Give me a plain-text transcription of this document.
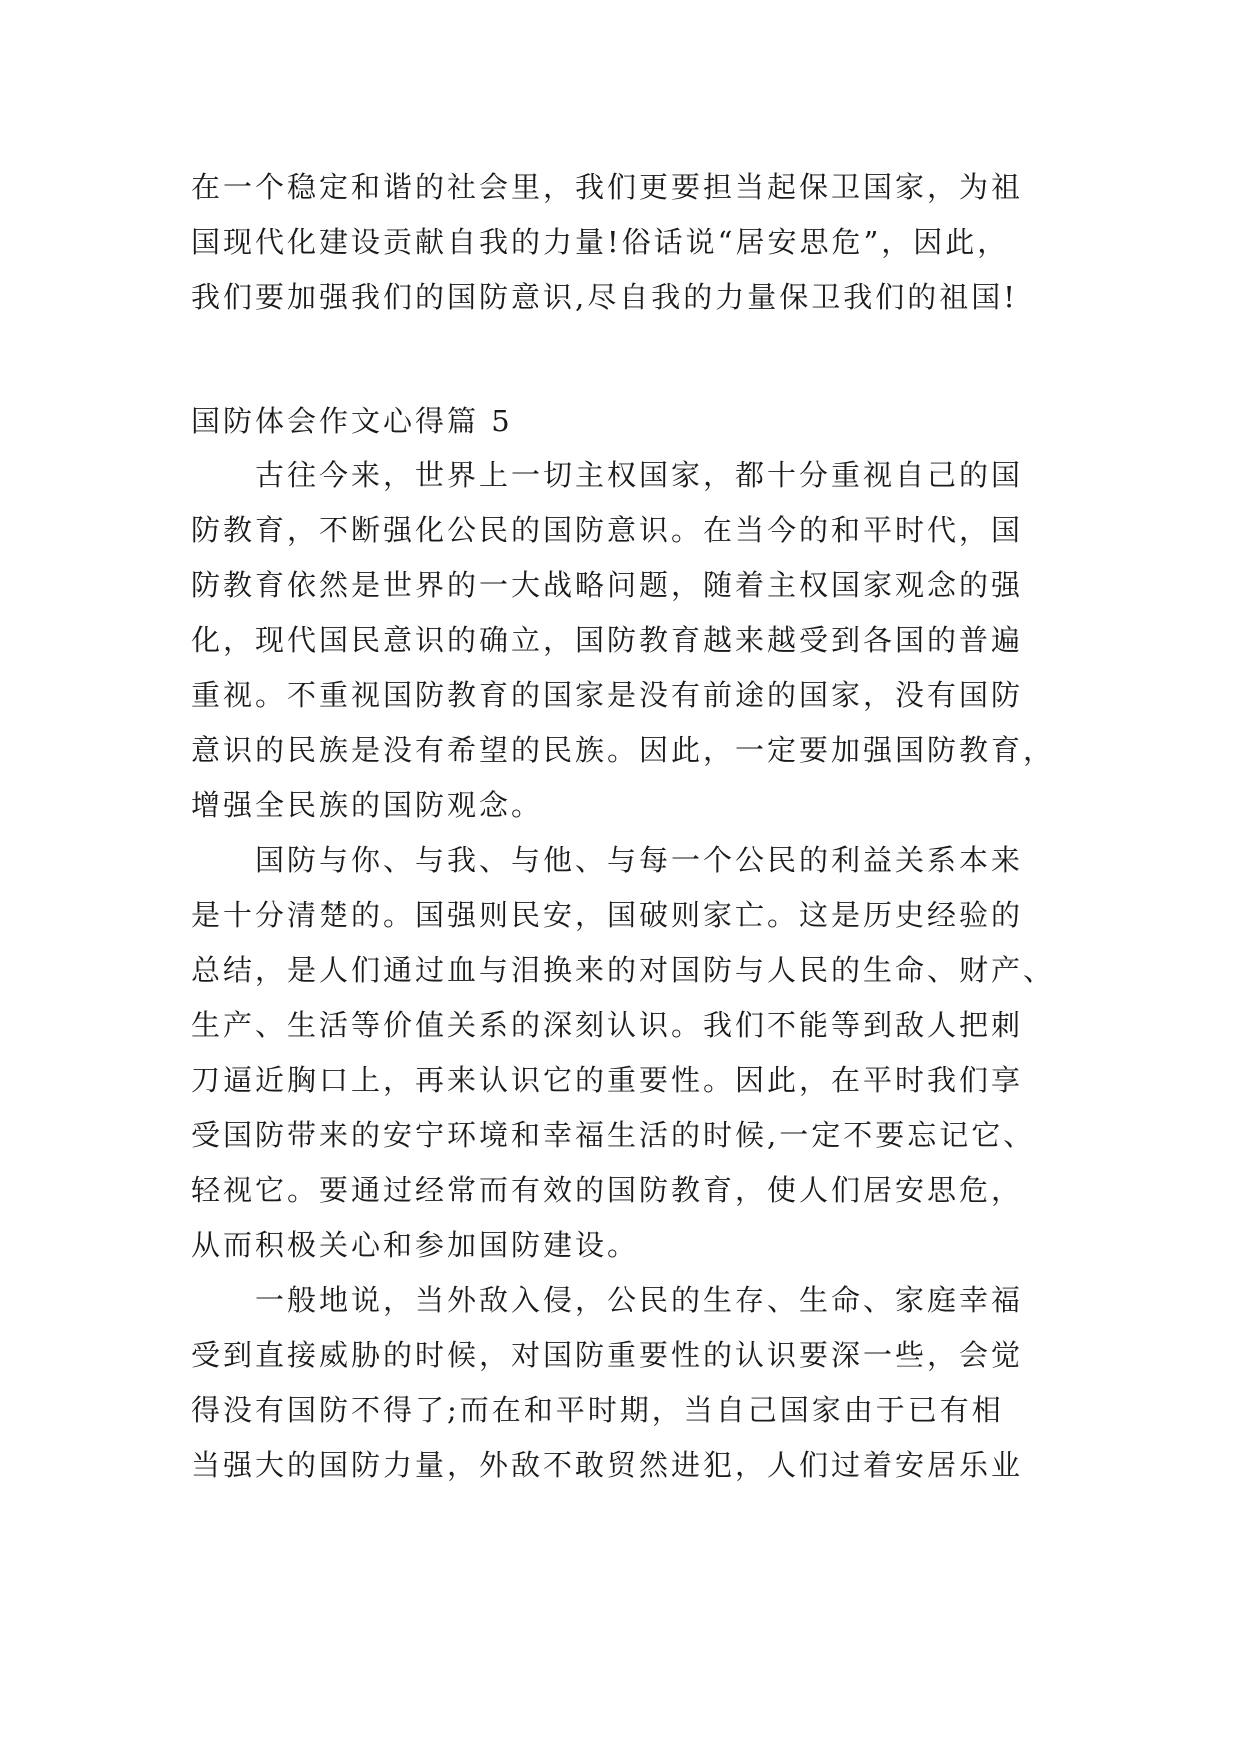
在一个稳定和谐的社会里，我们更要担当起保卫国家，为祖
国现代化建设贡献自我的力量!俗话说“居安思危”，因此，
我们要加强我们的国防意识,尽自我的力量保卫我们的祖国!
国防体会作文心得篇 5
　　古往今来，世界上一切主权国家，都十分重视自己的国
防教育，不断强化公民的国防意识。在当今的和平时代，国
防教育依然是世界的一大战略问题，随着主权国家观念的强
化，现代国民意识的确立，国防教育越来越受到各国的普遍
重视。不重视国防教育的国家是没有前途的国家，没有国防
意识的民族是没有希望的民族。因此，一定要加强国防教育，
增强全民族的国防观念。
　　国防与你、与我、与他、与每一个公民的利益关系本来
是十分清楚的。国强则民安，国破则家亡。这是历史经验的
总结，是人们通过血与泪换来的对国防与人民的生命、财产、
生产、生活等价值关系的深刻认识。我们不能等到敌人把刺
刀逼近胸口上，再来认识它的重要性。因此，在平时我们享
受国防带来的安宁环境和幸福生活的时候,一定不要忘记它、
轻视它。要通过经常而有效的国防教育，使人们居安思危，
从而积极关心和参加国防建设。
　　一般地说，当外敌入侵，公民的生存、生命、家庭幸福
受到直接威胁的时候，对国防重要性的认识要深一些，会觉
得没有国防不得了;而在和平时期，当自己国家由于已有相
当强大的国防力量，外敌不敢贸然进犯，人们过着安居乐业
